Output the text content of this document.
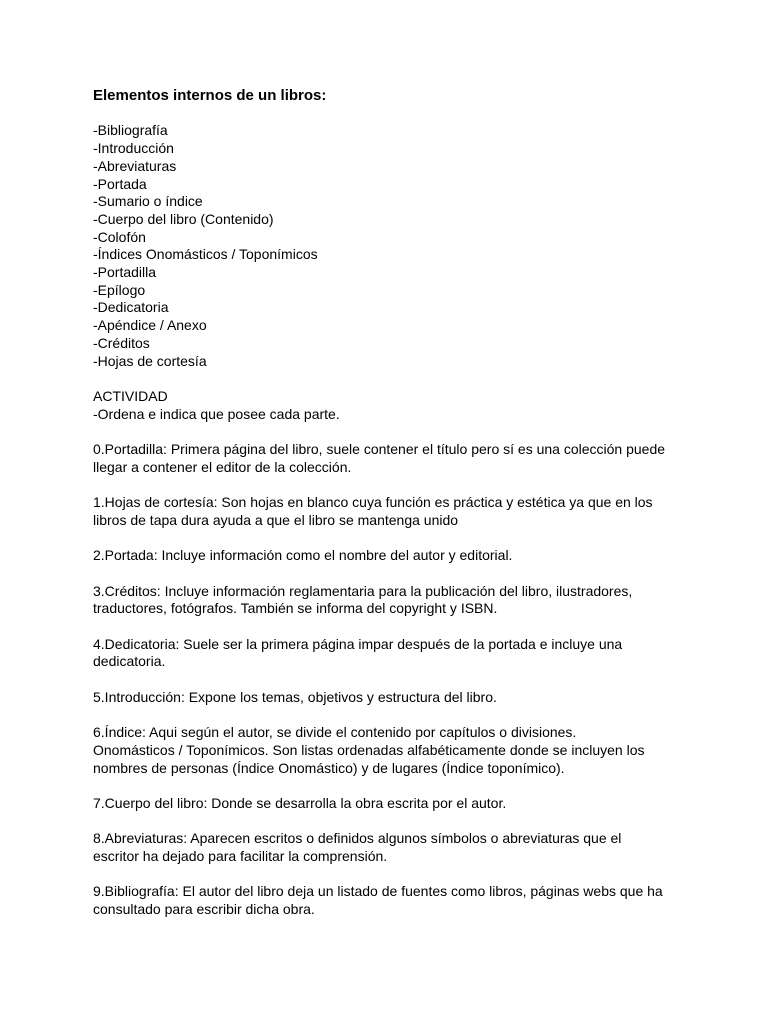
Elementos internos de un libros:
-Bibliografía
-Introducción
-Abreviaturas
-Portada
-Sumario o índice
-Cuerpo del libro (Contenido)
-Colofón
-Índices Onomásticos / Toponímicos
-Portadilla
-Epílogo
-Dedicatoria
-Apéndice / Anexo
-Créditos
-Hojas de cortesía
ACTIVIDAD
-Ordena e indica que posee cada parte.
0.Portadilla: Primera página del libro, suele contener el título pero sí es una colección puede
llegar a contener el editor de la colección.
1.Hojas de cortesía: Son hojas en blanco cuya función es práctica y estética ya que en los
libros de tapa dura ayuda a que el libro se mantenga unido
2.Portada: Incluye información como el nombre del autor y editorial.
3.Créditos: Incluye información reglamentaria para la publicación del libro, ilustradores,
traductores, fotógrafos. También se informa del copyright y ISBN.
4.Dedicatoria: Suele ser la primera página impar después de la portada e incluye una
dedicatoria.
5.Introducción: Expone los temas, objetivos y estructura del libro.
6.Índice: Aqui según el autor, se divide el contenido por capítulos o divisiones.
Onomásticos / Toponímicos. Son listas ordenadas alfabéticamente donde se incluyen los
nombres de personas (Índice Onomástico) y de lugares (Índice toponímico).
7.Cuerpo del libro: Donde se desarrolla la obra escrita por el autor.
8.Abreviaturas: Aparecen escritos o definidos algunos símbolos o abreviaturas que el
escritor ha dejado para facilitar la comprensión.
9.Bibliografía: El autor del libro deja un listado de fuentes como libros, páginas webs que ha
consultado para escribir dicha obra.
